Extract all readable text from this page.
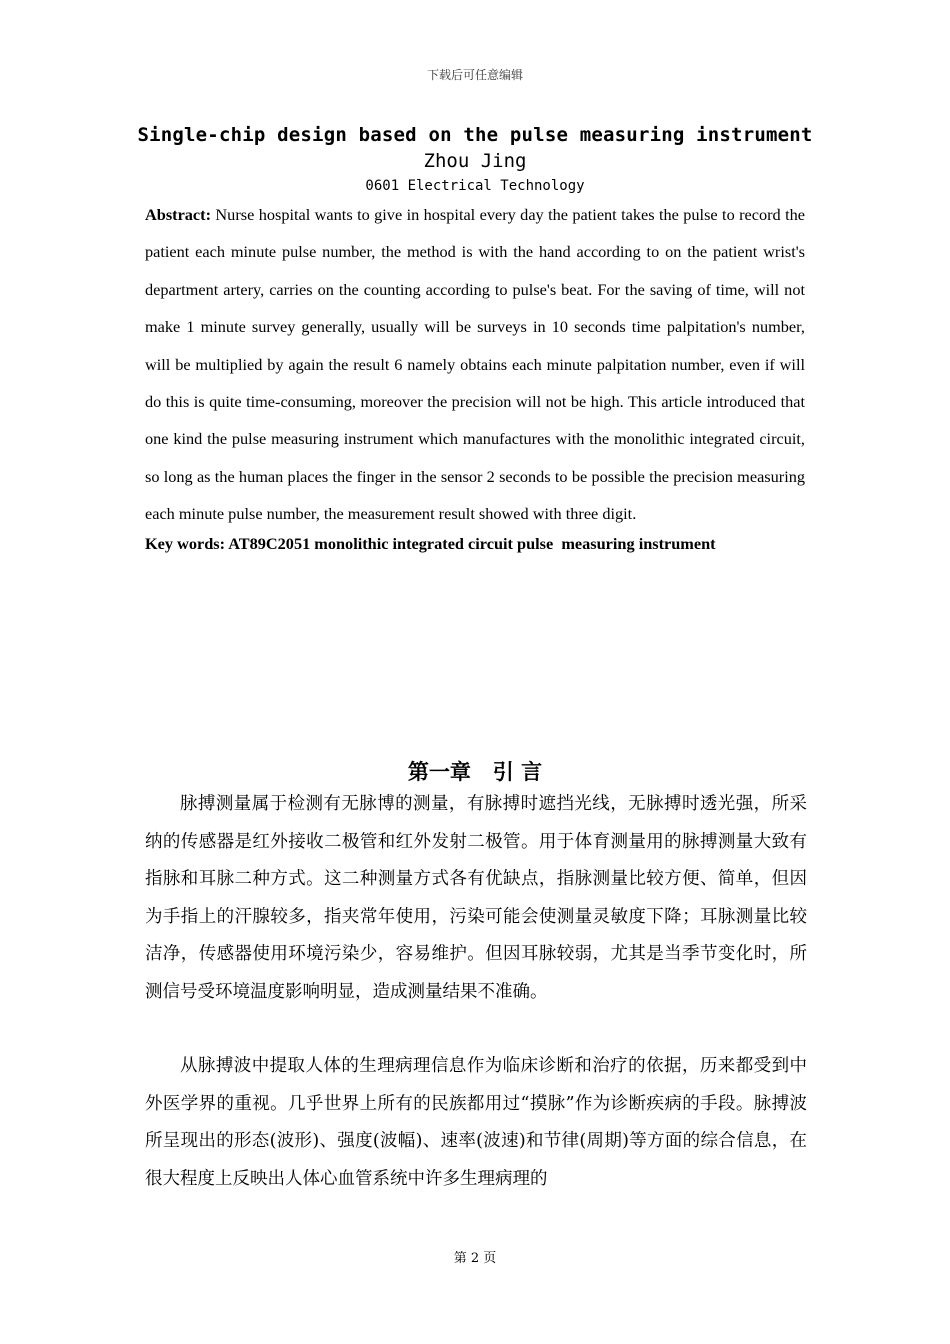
下载后可任意编辑
Single-chip design based on the pulse measuring instrument
Zhou Jing
0601 Electrical Technology

Abstract: Nurse hospital wants to give in hospital every day the patient takes the pulse to record the patient each minute pulse number, the method is with the hand according to on the patient wrist's department artery, carries on the counting according to pulse's beat. For the saving of time, will not make 1 minute survey generally, usually will be surveys in 10 seconds time palpitation's number, will be multiplied by again the result 6 namely obtains each minute palpitation number, even if will do this is quite time-consuming, moreover the precision will not be high. This article introduced that one kind the pulse measuring instrument which manufactures with the monolithic integrated circuit, so long as the human places the finger in the sensor 2 seconds to be possible the precision measuring each minute pulse number, the measurement result showed with three digit.

Key words: AT89C2051 monolithic integrated circuit pulse  measuring instrument

第一章   引 言

脉搏测量属于检测有无脉博的测量，有脉搏时遮挡光线，无脉搏时透光强，所采纳的传感器是红外接收二极管和红外发射二极管。用于体育测量用的脉搏测量大致有指脉和耳脉二种方式。这二种测量方式各有优缺点，指脉测量比较方便、简单，但因为手指上的汗腺较多，指夹常年使用，污染可能会使测量灵敏度下降；耳脉测量比较洁净，传感器使用环境污染少，容易维护。但因耳脉较弱，尤其是当季节变化时，所测信号受环境温度影响明显，造成测量结果不准确。

从脉搏波中提取人体的生理病理信息作为临床诊断和治疗的依据，历来都受到中外医学界的重视。几乎世界上所有的民族都用过“摸脉”作为诊断疾病的手段。脉搏波所呈现出的形态(波形)、强度(波幅)、速率(波速)和节律(周期)等方面的综合信息，在很大程度上反映出人体心血管系统中许多生理病理的

第 2 页
